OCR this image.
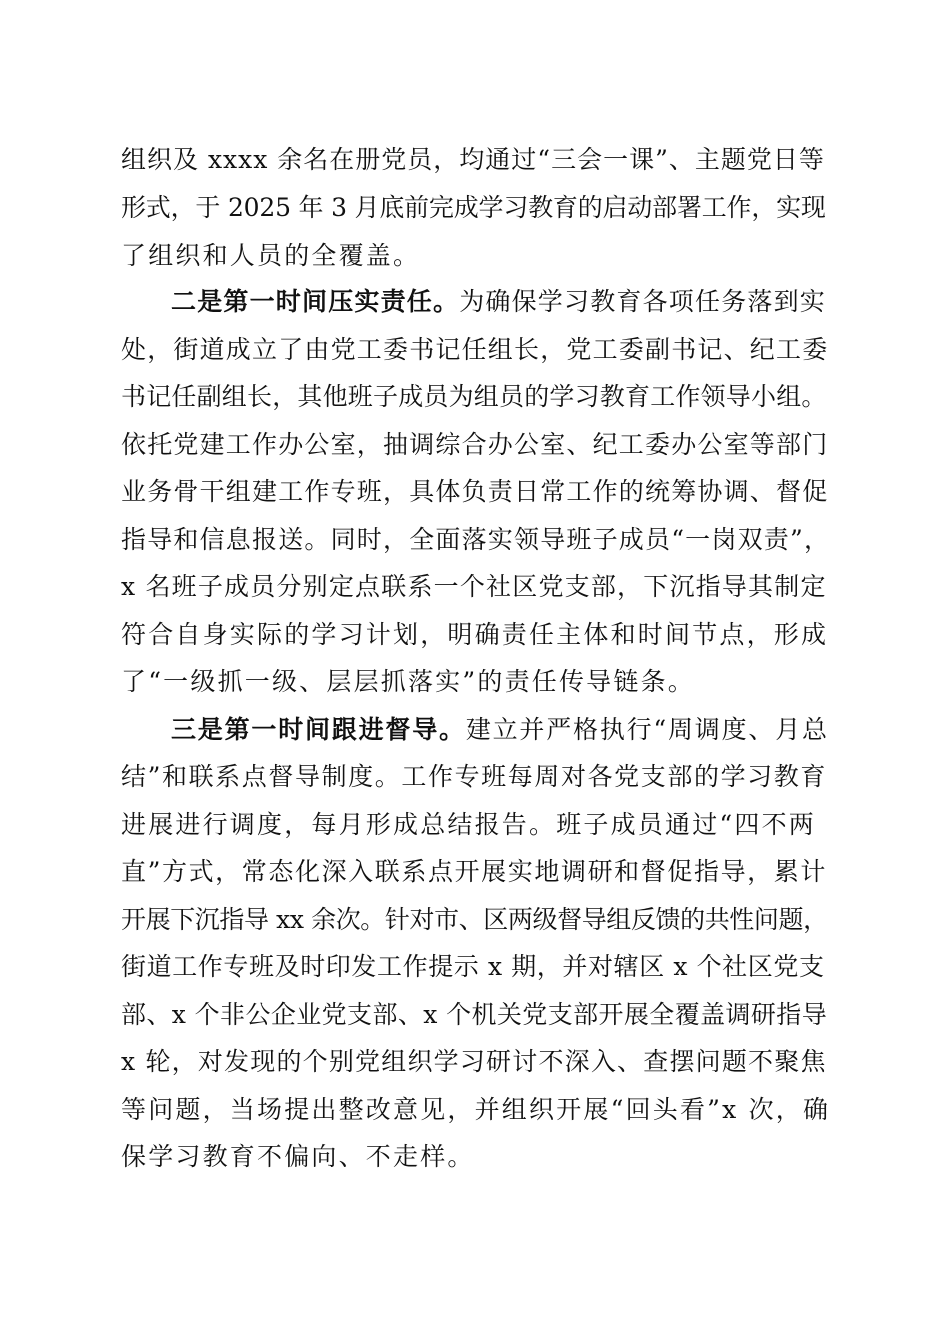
组织及 xxxx 余名在册党员，均通过“三会一课”、主题党日等
形式，于 2025 年 3 月底前完成学习教育的启动部署工作，实现
了组织和人员的全覆盖。
二是第一时间压实责任。为确保学习教育各项任务落到实
处，街道成立了由党工委书记任组长，党工委副书记、纪工委
书记任副组长，其他班子成员为组员的学习教育工作领导小组。
依托党建工作办公室，抽调综合办公室、纪工委办公室等部门
业务骨干组建工作专班，具体负责日常工作的统筹协调、督促
指导和信息报送。同时，全面落实领导班子成员“一岗双责”，
x 名班子成员分别定点联系一个社区党支部，下沉指导其制定
符合自身实际的学习计划，明确责任主体和时间节点，形成
了“一级抓一级、层层抓落实”的责任传导链条。
三是第一时间跟进督导。建立并严格执行“周调度、月总
结”和联系点督导制度。工作专班每周对各党支部的学习教育
进展进行调度，每月形成总结报告。班子成员通过“四不两
直”方式，常态化深入联系点开展实地调研和督促指导，累计
开展下沉指导 xx 余次。针对市、区两级督导组反馈的共性问题，
街道工作专班及时印发工作提示 x 期，并对辖区 x 个社区党支
部、x 个非公企业党支部、x 个机关党支部开展全覆盖调研指导
x 轮，对发现的个别党组织学习研讨不深入、查摆问题不聚焦
等问题，当场提出整改意见，并组织开展“回头看”x 次，确
保学习教育不偏向、不走样。
